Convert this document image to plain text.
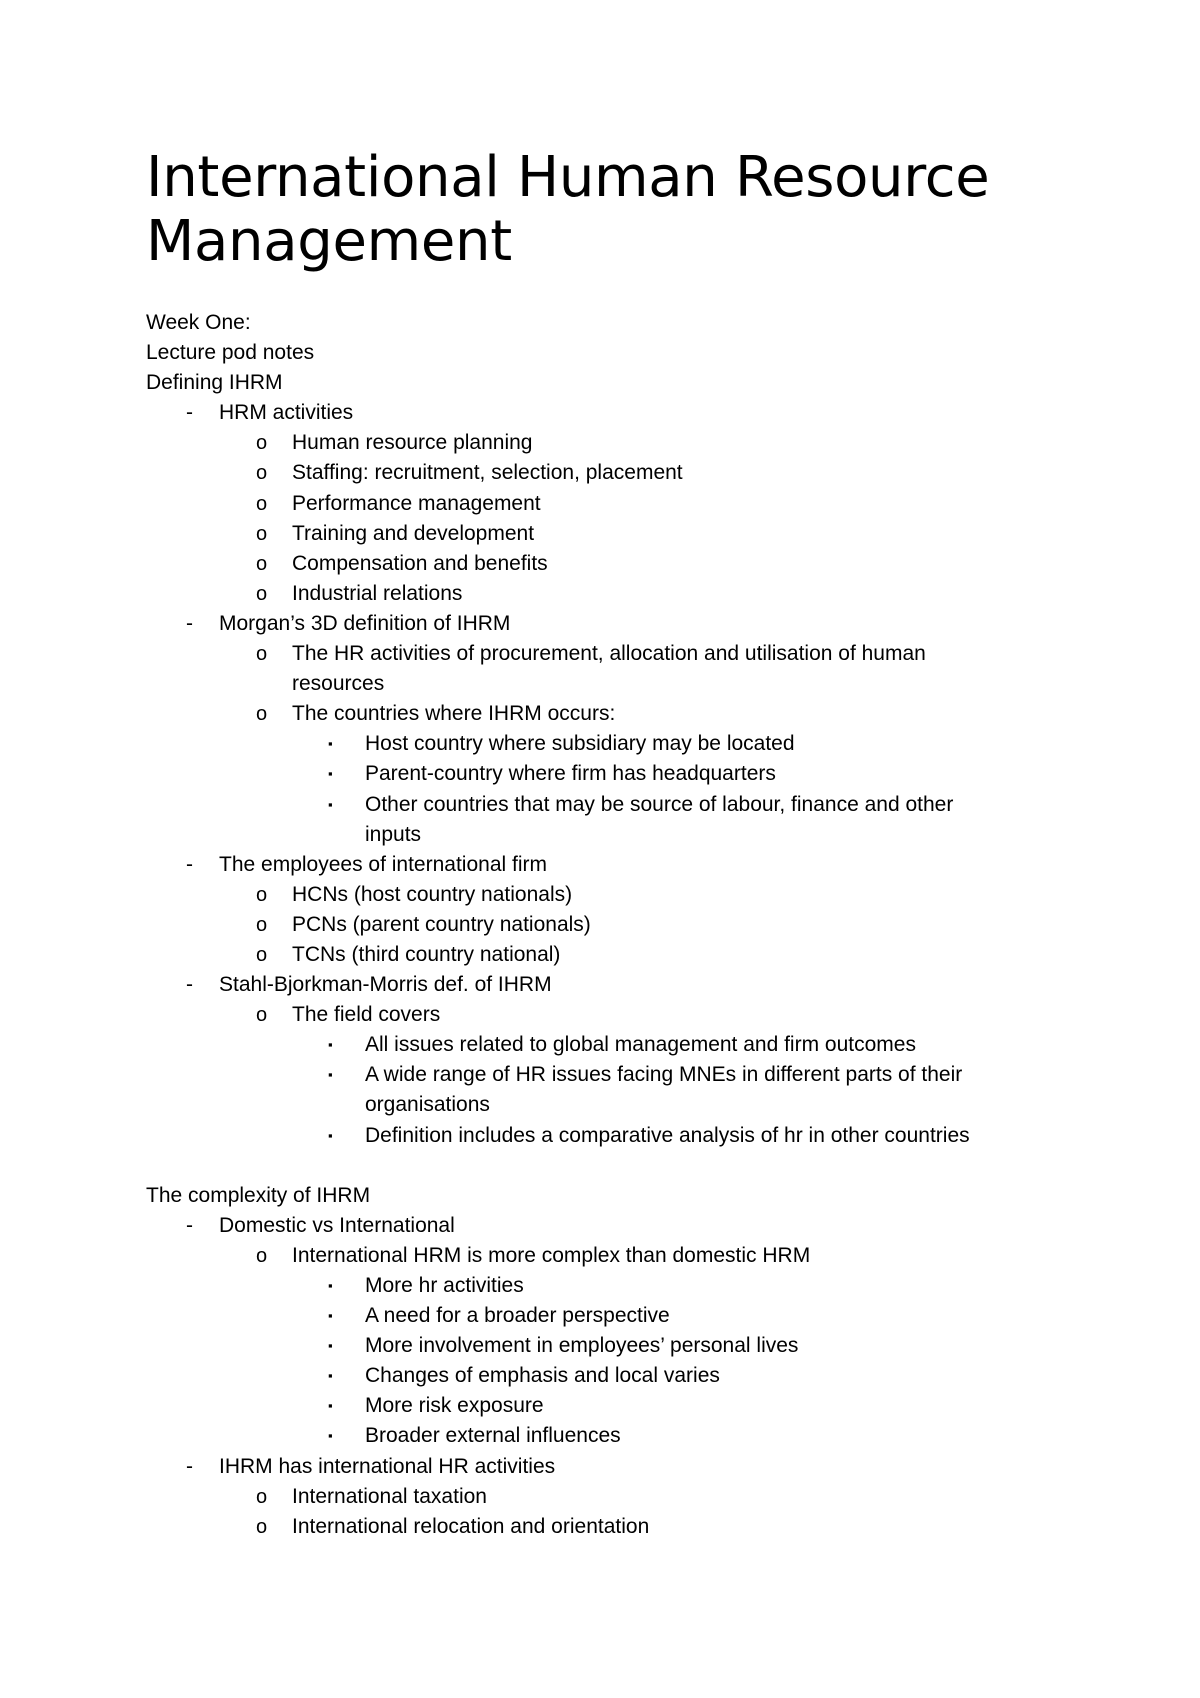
International Human Resource
Management
Week One:
Lecture pod notes
Defining IHRM
- HRM activities
o Human resource planning
o Staffing: recruitment, selection, placement
o Performance management
o Training and development
o Compensation and benefits
o Industrial relations
- Morgan’s 3D definition of IHRM
o The HR activities of procurement, allocation and utilisation of human
resources
o The countries where IHRM occurs:
▪ Host country where subsidiary may be located
▪ Parent-country where firm has headquarters
▪ Other countries that may be source of labour, finance and other
inputs
- The employees of international firm
o HCNs (host country nationals)
o PCNs (parent country nationals)
o TCNs (third country national)
- Stahl-Bjorkman-Morris def. of IHRM
o The field covers
▪ All issues related to global management and firm outcomes
▪ A wide range of HR issues facing MNEs in different parts of their
organisations
▪ Definition includes a comparative analysis of hr in other countries
The complexity of IHRM
- Domestic vs International
o International HRM is more complex than domestic HRM
▪ More hr activities
▪ A need for a broader perspective
▪ More involvement in employees’ personal lives
▪ Changes of emphasis and local varies
▪ More risk exposure
▪ Broader external influences
- IHRM has international HR activities
o International taxation
o International relocation and orientation
